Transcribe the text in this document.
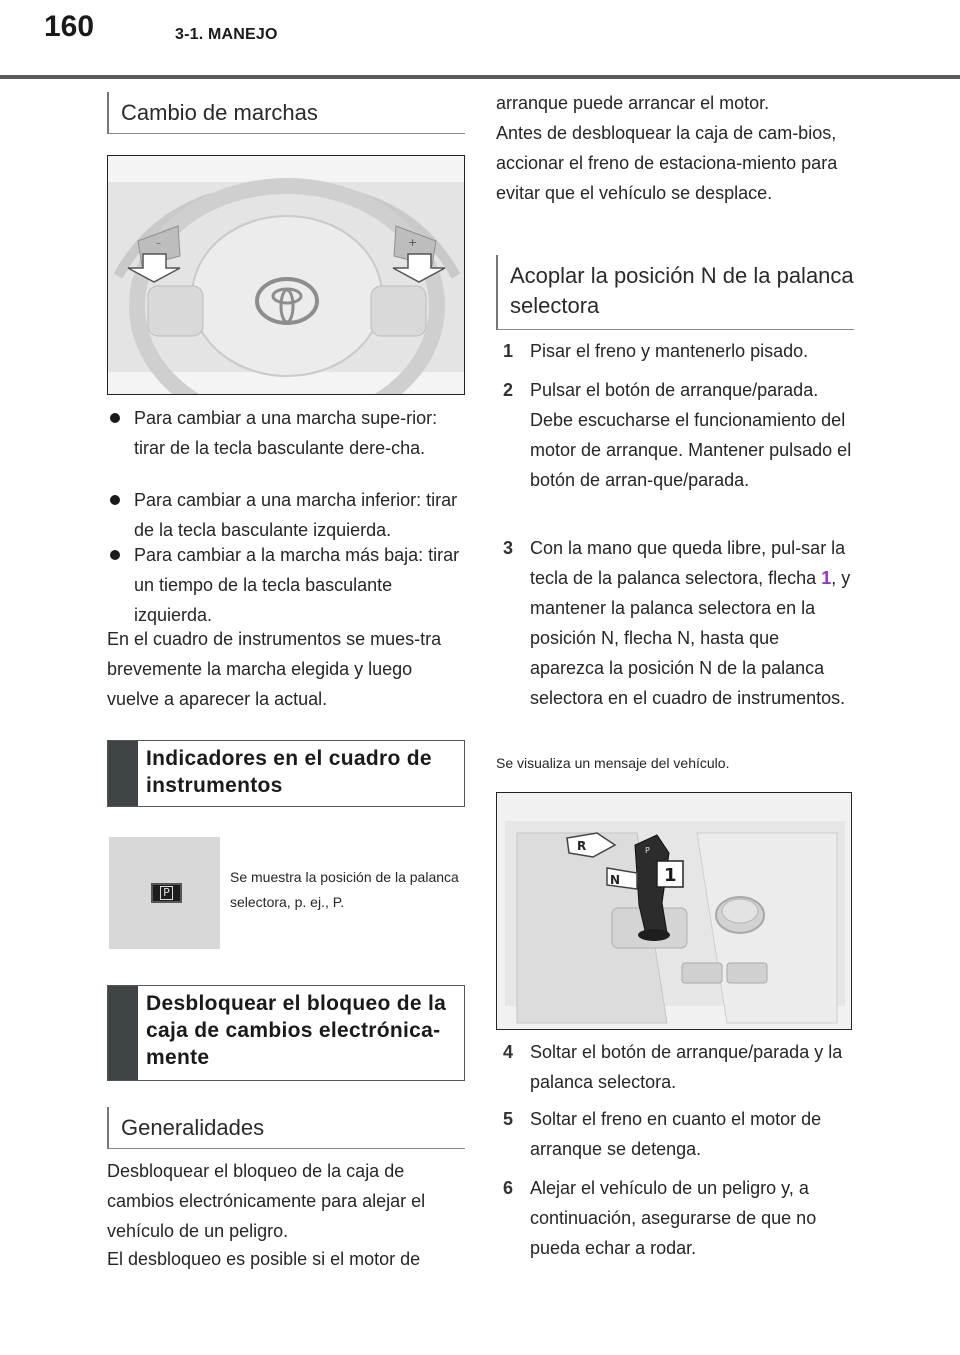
160	3-1. MANEJO
Cambio de marchas
–	+
Para cambiar a una marcha supe-rior: tirar de la tecla basculante dere-cha.
Para cambiar a una marcha inferior: tirar de la tecla basculante izquierda.
Para cambiar a la marcha más baja: tirar un tiempo de la tecla basculante izquierda.
En el cuadro de instrumentos se mues-tra brevemente la marcha elegida y luego vuelve a aparecer la actual.
Indicadores en el cuadro de instrumentos
P
Se muestra la posición de la palanca selectora, p. ej., P.
Desbloquear el bloqueo de la caja de cambios electrónica-mente
Generalidades
Desbloquear el bloqueo de la caja de cambios electrónicamente para alejar el vehículo de un peligro.
El desbloqueo es posible si el motor de
arranque puede arrancar el motor.
Antes de desbloquear la caja de cam-bios, accionar el freno de estaciona-miento para evitar que el vehículo se desplace.
Acoplar la posición N de la palanca selectora
1 Pisar el freno y mantenerlo pisado.
2 Pulsar el botón de arranque/parada. Debe escucharse el funcionamiento del motor de arranque. Mantener pulsado el botón de arran-que/parada.
3 Con la mano que queda libre, pul-sar la tecla de la palanca selectora, flecha 1, y mantener la palanca selectora en la posición N, flecha N, hasta que aparezca la posición N de la palanca selectora en el cuadro de instrumentos.
Se visualiza un mensaje del vehículo.
R
N
P
1
4 Soltar el botón de arranque/parada y la palanca selectora.
5 Soltar el freno en cuanto el motor de arranque se detenga.
6 Alejar el vehículo de un peligro y, a continuación, asegurarse de que no pueda echar a rodar.
